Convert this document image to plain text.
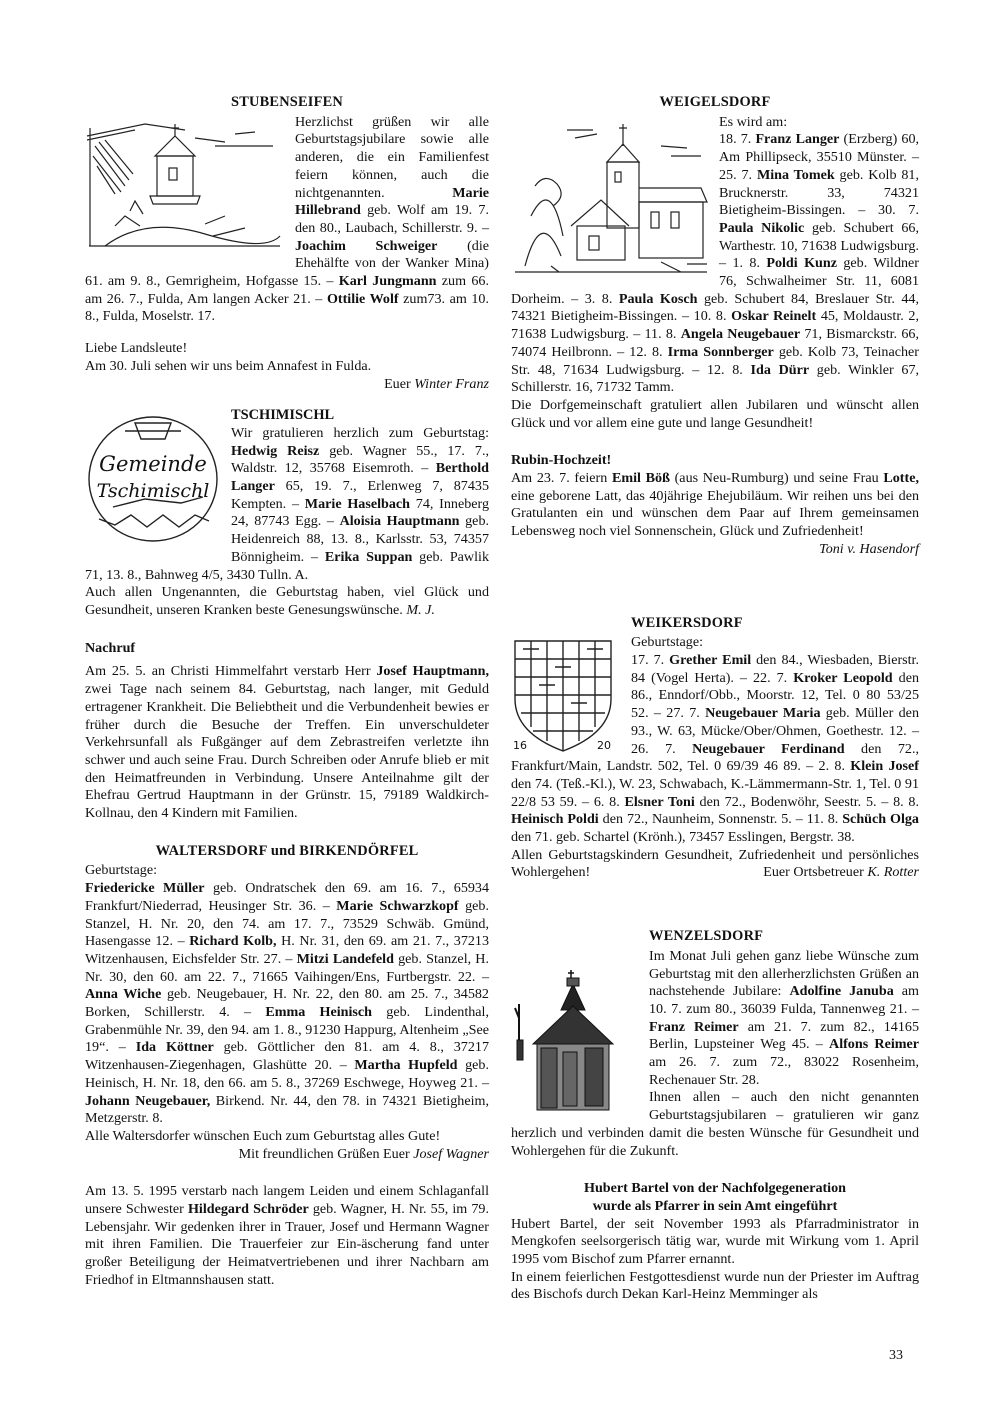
STUBENSEIFEN

Herzlichst grüßen wir alle Geburtstagsjubilare sowie alle anderen, die ein Familienfest feiern können, auch die nichtgenannten. Marie Hillebrand geb. Wolf am 19. 7. den 80., Laubach, Schillerstr. 9. – Joachim Schweiger (die Ehehälfte von der Wanker Mina) 61. am 9. 8., Gemrigheim, Hofgasse 15. – Karl Jungmann zum 66. am 26. 7., Fulda, Am langen Acker 21. – Ottilie Wolf zum73. am 10. 8., Fulda, Moselstr. 17.

Liebe Landsleute!

Am 30. Juli sehen wir uns beim Annafest in Fulda.

Euer Winter Franz

Gemeinde
Tschimischl
TSCHIMISCHL

Wir gratulieren herzlich zum Geburtstag: Hedwig Reisz geb. Wagner 55., 17. 7., Waldstr. 12, 35768 Eisemroth. – Berthold Langer 65, 19. 7., Erlenweg 7, 87435 Kempten. – Marie Haselbach 74, Inneberg 24, 87743 Egg. – Aloisia Hauptmann geb. Heidenreich 88, 13. 8., Karlsstr. 53, 74357 Bönnigheim. – Erika Suppan geb. Pawlik 71, 13. 8., Bahnweg 4/5, 3430 Tulln. A.

Auch allen Ungenannten, die Geburtstag haben, viel Glück und Gesundheit, unseren Kranken beste Genesungswünsche. M. J.

Nachruf

Am 25. 5. an Christi Himmelfahrt verstarb Herr Josef Hauptmann, zwei Tage nach seinem 84. Geburtstag, nach langer, mit Geduld ertragener Krankheit. Die Beliebtheit und die Verbundenheit bewies er früher durch die Besuche der Treffen. Ein unverschuldeter Verkehrsunfall als Fußgänger auf dem Zebrastreifen verletzte ihn schwer und auch seine Frau. Durch Schreiben oder Anrufe blieb er mit den Heimatfreunden in Verbindung. Unsere Anteilnahme gilt der Ehefrau Gertrud Hauptmann in der Grünstr. 15, 79189 Waldkirch-Kollnau, den 4 Kindern mit Familien.

WALTERSDORF und BIRKENDÖRFEL

Geburtstage:

Friedericke Müller geb. Ondratschek den 69. am 16. 7., 65934 Frankfurt/Niederrad, Heusinger Str. 36. – Marie Schwarzkopf geb. Stanzel, H. Nr. 20, den 74. am 17. 7., 73529 Schwäb. Gmünd, Hasengasse 12. – Richard Kolb, H. Nr. 31, den 69. am 21. 7., 37213 Witzenhausen, Eichsfelder Str. 27. – Mitzi Landefeld geb. Stanzel, H. Nr. 30, den 60. am 22. 7., 71665 Vaihingen/Ens, Furtbergstr. 22. – Anna Wiche geb. Neugebauer, H. Nr. 22, den 80. am 25. 7., 34582 Borken, Schillerstr. 4. – Emma Heinisch geb. Lindenthal, Grabenmühle Nr. 39, den 94. am 1. 8., 91230 Happurg, Altenheim „See 19“. – Ida Köttner geb. Göttlicher den 81. am 4. 8., 37217 Witzenhausen-Ziegenhagen, Glashütte 20. – Martha Hupfeld geb. Heinisch, H. Nr. 18, den 66. am 5. 8., 37269 Eschwege, Hoyweg 21. – Johann Neugebauer, Birkend. Nr. 44, den 78. in 74321 Bietigheim, Metzgerstr. 8.

Alle Waltersdorfer wünschen Euch zum Geburtstag alles Gute!

Mit freundlichen Grüßen Euer Josef Wagner

Am 13. 5. 1995 verstarb nach langem Leiden und einem Schlaganfall unsere Schwester Hildegard Schröder geb. Wagner, H. Nr. 55, im 79. Lebensjahr. Wir gedenken ihrer in Trauer, Josef und Hermann Wagner mit ihren Familien. Die Trauerfeier zur Ein-äscherung fand unter großer Beteiligung der Heimatvertriebenen und ihrer Nachbarn am Friedhof in Eltmannshausen statt.

WEIGELSDORF

Es wird am:

18. 7. Franz Langer (Erzberg) 60, Am Phillipseck, 35510 Münster. – 25. 7. Mina Tomek geb. Kolb 81, Brucknerstr. 33, 74321 Bietigheim-Bissingen. – 30. 7. Paula Nikolic geb. Schubert 66, Warthestr. 10, 71638 Ludwigsburg. – 1. 8. Poldi Kunz geb. Wildner 76, Schwalheimer Str. 11, 6081 Dorheim. – 3. 8. Paula Kosch geb. Schubert 84, Breslauer Str. 44, 74321 Bietigheim-Bissingen. – 10. 8. Oskar Reinelt 45, Moldaustr. 2, 71638 Ludwigsburg. – 11. 8. Angela Neugebauer 71, Bismarckstr. 66, 74074 Heilbronn. – 12. 8. Irma Sonnberger geb. Kolb 73, Teinacher Str. 48, 71634 Ludwigsburg. – 12. 8. Ida Dürr geb. Winkler 67, Schillerstr. 16, 71732 Tamm.

Die Dorfgemeinschaft gratuliert allen Jubilaren und wünscht allen Glück und vor allem eine gute und lange Gesundheit!

Rubin-Hochzeit!

Am 23. 7. feiern Emil Böß (aus Neu-Rumburg) und seine Frau Lotte, eine geborene Latt, das 40jährige Ehejubiläum. Wir reihen uns bei den Gratulanten ein und wünschen dem Paar auf Ihrem gemeinsamen Lebensweg noch viel Sonnenschein, Glück und Zufriedenheit!

Toni v. Hasendorf

16	20
WEIKERSDORF

Geburtstage:

17. 7. Grether Emil den 84., Wiesbaden, Bierstr. 84 (Vogel Herta). – 22. 7. Kroker Leopold den 86., Enndorf/Obb., Moorstr. 12, Tel. 0 80 53/25 52. – 27. 7. Neugebauer Maria geb. Müller den 93., W. 63, Mücke/Ober/Ohmen, Goethestr. 12. – 26. 7. Neugebauer Ferdinand den 72., Frankfurt/Main, Landstr. 502, Tel. 0 69/39 46 89. – 2. 8. Klein Josef den 74. (Teß.-Kl.), W. 23, Schwabach, K.-Lämmermann-Str. 1, Tel. 0 91 22/8 53 59. – 6. 8. Elsner Toni den 72., Bodenwöhr, Seestr. 5. – 8. 8. Heinisch Poldi den 72., Naunheim, Sonnenstr. 5. – 11. 8. Schüch Olga den 71. geb. Schartel (Krönh.), 73457 Esslingen, Bergstr. 38.

Allen Geburtstagskindern Gesundheit, Zufriedenheit und persönliches Wohlergehen!	Euer Ortsbetreuer K. Rotter

WENZELSDORF

Im Monat Juli gehen ganz liebe Wünsche zum Geburtstag mit den allerherzlichsten Grüßen an nachstehende Jubilare: Adolfine Januba am 10. 7. zum 80., 36039 Fulda, Tannenweg 21. – Franz Reimer am 21. 7. zum 82., 14165 Berlin, Lupsteiner Weg 45. – Alfons Reimer am 26. 7. zum 72., 83022 Rosenheim, Rechenauer Str. 28.

Ihnen allen – auch den nicht genannten Geburtstagsjubilaren – gratulieren wir ganz herzlich und verbinden damit die besten Wünsche für Gesundheit und Wohlergehen für die Zukunft.

Hubert Bartel von der Nachfolgegeneration

wurde als Pfarrer in sein Amt eingeführt

Hubert Bartel, der seit November 1993 als Pfarradministrator in Mengkofen seelsorgerisch tätig war, wurde mit Wirkung vom 1. April 1995 vom Bischof zum Pfarrer ernannt.

In einem feierlichen Festgottesdienst wurde nun der Priester im Auftrag des Bischofs durch Dekan Karl-Heinz Memminger als

33
